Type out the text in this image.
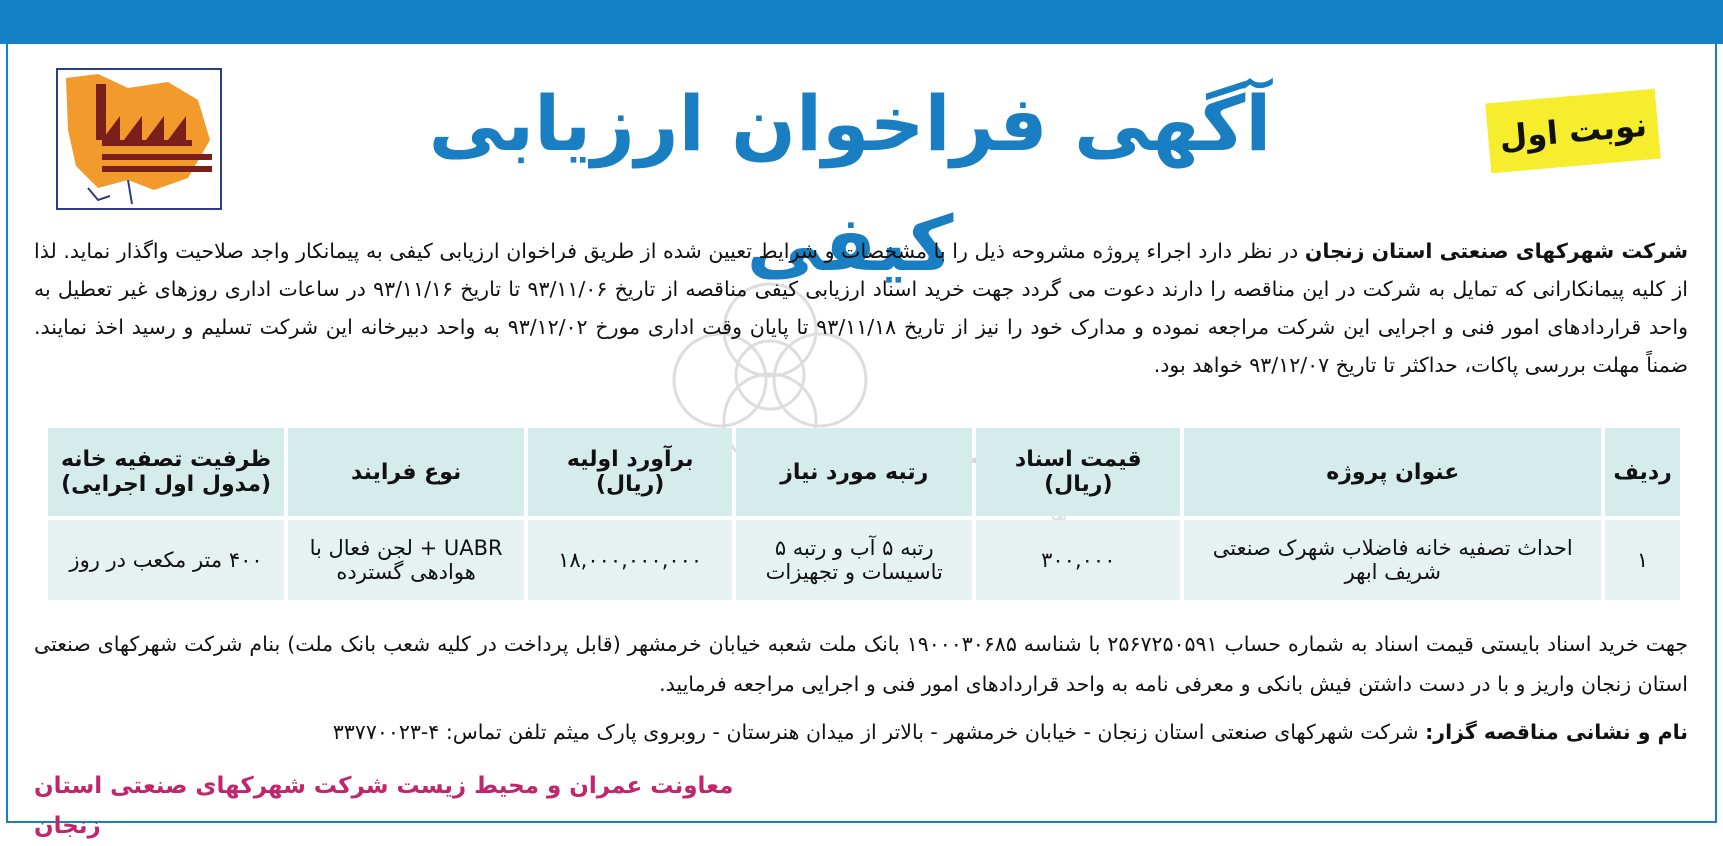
آگهی فراخوان ارزیابی کیفی
نوبت اول
شرکت شهرکهای صنعتی استان زنجان در نظر دارد اجراء پروژه مشروحه ذیل را با مشخصات و شرایط تعیین شده از طریق فراخوان ارزیابی کیفی به پیمانکار واجد صلاحیت واگذار نماید. لذا از کلیه پیمانکارانی که تمایل به شرکت در این مناقصه را دارند دعوت می گردد جهت خرید اسناد ارزیابی کیفی مناقصه از تاریخ ۹۳/۱۱/۰۶ تا تاریخ ۹۳/۱۱/۱۶ در ساعات اداری روزهای غیر تعطیل به واحد قراردادهای امور فنی و اجرایی این شرکت مراجعه نموده و مدارک خود را نیز از تاریخ ۹۳/۱۱/۱۸ تا پایان وقت اداری مورخ ۹۳/۱۲/۰۲ به واحد دبیرخانه این شرکت تسلیم و رسید اخذ نمایند. ضمناً مهلت بررسی پاکات، حداکثر تا تاریخ ۹۳/۱۲/۰۷ خواهد بود.
ردیف	عنوان پروژه	قیمت اسناد (ریال)	رتبه مورد نیاز	برآورد اولیه (ریال)	نوع فرایند	ظرفیت تصفیه خانه (مدول اول اجرایی)
۱	احداث تصفیه خانه فاضلاب شهرک صنعتی شریف ابهر	۳۰۰,۰۰۰	رتبه ۵ آب و رتبه ۵ تاسیسات و تجهیزات	۱۸,۰۰۰,۰۰۰,۰۰۰	UABR + لجن فعال با هوادهی گسترده	۴۰۰ متر مکعب در روز
جهت خرید اسناد بایستی قیمت اسناد به شماره حساب ۲۵۶۷۲۵۰۵۹۱ با شناسه ۱۹۰۰۰۳۰۶۸۵ بانک ملت شعبه خیابان خرمشهر (قابل پرداخت در کلیه شعب بانک ملت) بنام شرکت شهرکهای صنعتی استان زنجان واریز و با در دست داشتن فیش بانکی و معرفی نامه به واحد قراردادهای امور فنی و اجرایی مراجعه فرمایید.
نام و نشانی مناقصه گزار: شرکت شهرکهای صنعتی استان زنجان - خیابان خرمشهر - بالاتر از میدان هنرستان - روبروی پارک میثم تلفن تماس: ۴-۳۳۷۷۰۰۲۳
معاونت عمران و محیط زیست شرکت شهرکهای صنعتی استان زنجان
